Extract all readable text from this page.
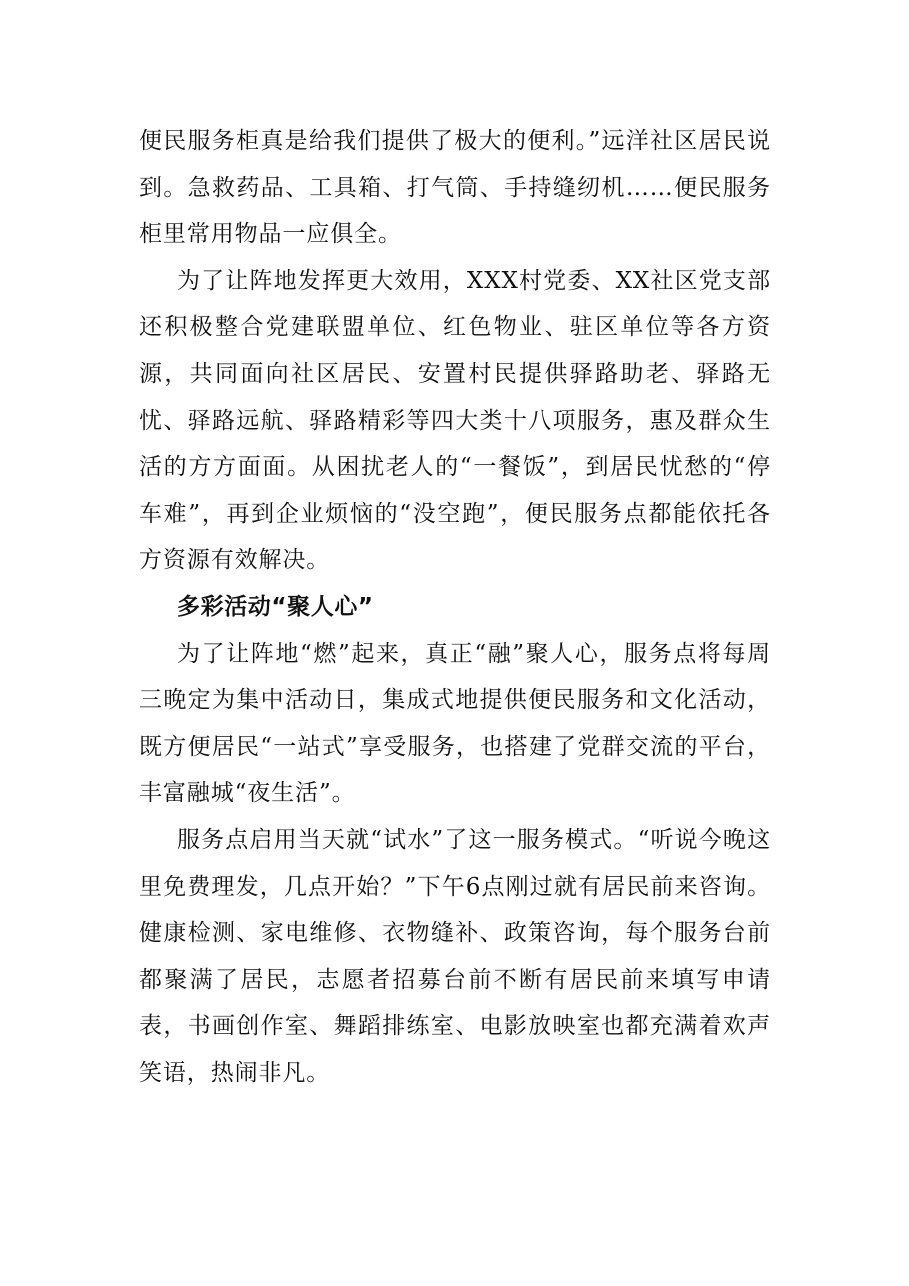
便民服务柜真是给我们提供了极大的便利。”远洋社区居民说到。急救药品、工具箱、打气筒、手持缝纫机……便民服务柜里常用物品一应俱全。

为了让阵地发挥更大效用，XXX村党委、XX社区党支部还积极整合党建联盟单位、红色物业、驻区单位等各方资源，共同面向社区居民、安置村民提供驿路助老、驿路无忧、驿路远航、驿路精彩等四大类十八项服务，惠及群众生活的方方面面。从困扰老人的“一餐饭”，到居民忧愁的“停车难”，再到企业烦恼的“没空跑”，便民服务点都能依托各方资源有效解决。

多彩活动“聚人心”

为了让阵地“燃”起来，真正“融”聚人心，服务点将每周三晚定为集中活动日，集成式地提供便民服务和文化活动，既方便居民“一站式”享受服务，也搭建了党群交流的平台，丰富融城“夜生活”。

服务点启用当天就“试水”了这一服务模式。“听说今晚这里免费理发，几点开始？”下午6点刚过就有居民前来咨询。健康检测、家电维修、衣物缝补、政策咨询，每个服务台前都聚满了居民，志愿者招募台前不断有居民前来填写申请表，书画创作室、舞蹈排练室、电影放映室也都充满着欢声笑语，热闹非凡。
